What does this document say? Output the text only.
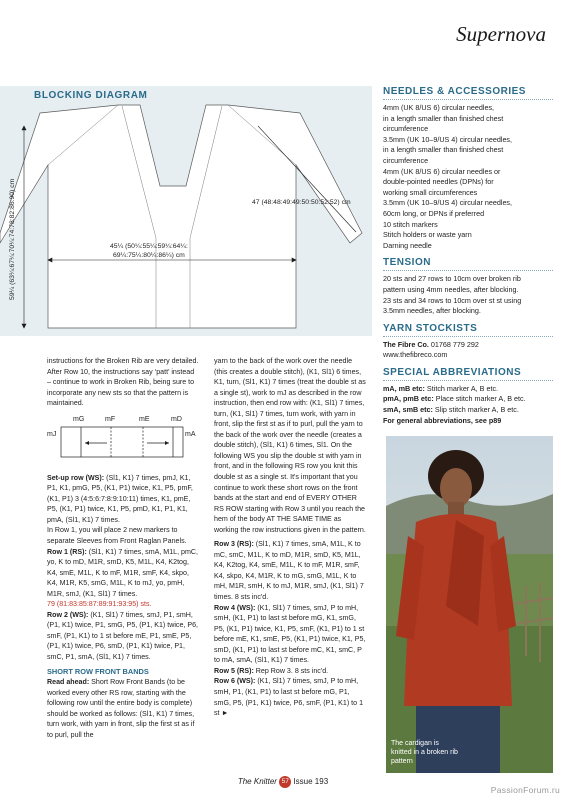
Supernova
BLOCKING DIAGRAM
45¼ (50¼:55¼:59¼:64¼:
69¼:75¼:80¼:86¼) cm
47 (48:48:49:49:50:50:52:52) cm
59¼ (63¼:67¼:70¼:74:78:82:86:90) cm
NEEDLES & ACCESSORIES
4mm (UK 8/US 6) circular needles,
in a length smaller than finished chest
circumference
3.5mm (UK 10–9/US 4) circular needles,
in a length smaller than finished chest
circumference
4mm (UK 8/US 6) circular needles or
double-pointed needles (DPNs) for
working small circumferences
3.5mm (UK 10–9/US 4) circular needles,
60cm long, or DPNs if preferred
10 stitch markers
Stitch holders or waste yarn
Darning needle
TENSION
20 sts and 27 rows to 10cm over broken rib
pattern using 4mm needles, after blocking.
23 sts and 34 rows to 10cm over st st using
3.5mm needles, after blocking.
YARN STOCKISTS
The Fibre Co. 01768 779 292
www.thefibreco.com
SPECIAL ABBREVIATIONS
mA, mB etc: Stitch marker A, B etc.
pmA, pmB etc: Place stitch marker A, B etc.
smA, smB etc: Slip stitch marker A, B etc.
For general abbreviations, see p89
instructions for the Broken Rib are very detailed. After Row 10, the instructions say ‘patt’ instead – continue to work in Broken Rib, being sure to incorporate any new sts so that the pattern is maintained.
mG	mF	mE	mD
mJ	mA
Set-up row (WS): (Sl1, K1) 7 times, pmJ, K1, P1, K1, pmG, P5, (K1, P1) twice, K1, P5, pmF, (K1, P1) 3 (4:5:6:7:8:9:10:11) times, K1, pmE, P5, (K1, P1) twice, K1, P5, pmD, K1, P1, K1, pmA, (Sl1, K1) 7 times.
In Row 1, you will place 2 new markers to separate Sleeves from Front Raglan Panels.
Row 1 (RS): (Sl1, K1) 7 times, smA, M1L, pmC, yo, K to mD, M1R, smD, K5, M1L, K4, K2tog, K4, smE, M1L, K to mF, M1R, smF, K4, skpo, K4, M1R, K5, smG, M1L, K to mJ, yo, pmH, M1R, smJ, (K1, Sl1) 7 times.
79 (81:83:85:87:89:91:93:95) sts.
Row 2 (WS): (K1, Sl1) 7 times, smJ, P1, smH, (P1, K1) twice, P1, smG, P5, (P1, K1) twice, P6, smF, (P1, K1) to 1 st before mE, P1, smE, P5, (P1, K1) twice, P6, smD, (P1, K1) twice, P1, smC, P1, smA, (Sl1, K1) 7 times.
SHORT ROW FRONT BANDS
Read ahead: Short Row Front Bands (to be worked every other RS row, starting with the following row until the entire body is complete) should be worked as follows: (Sl1, K1) 7 times, turn work, with yarn in front, slip the first st as if to purl, pull the
yarn to the back of the work over the needle (this creates a double stitch), (K1, Sl1) 6 times, K1, turn, (Sl1, K1) 7 times (treat the double st as a single st), work to mJ as described in the row instruction, then end row with: (K1, Sl1) 7 times, turn, (K1, Sl1) 7 times, turn work, with yarn in front, slip the first st as if to purl, pull the yarn to the back of the work over the needle (creates a double stitch), (Sl1, K1) 6 times, Sl1. On the following WS you slip the double st with yarn in front, and in the following RS row you knit this double st as a single st. It's important that you continue to work these short rows on the front bands at the start and end of EVERY OTHER RS ROW starting with Row 3 until you reach the hem of the body AT THE SAME TIME as working the row instructions given in the pattern.
Row 3 (RS): (Sl1, K1) 7 times, smA, M1L, K to mC, smC, M1L, K to mD, M1R, smD, K5, M1L, K4, K2tog, K4, smE, M1L, K to mF, M1R, smF, K4, skpo, K4, M1R, K to mG, smG, M1L, K to mH, M1R, smH, K to mJ, M1R, smJ, (K1, Sl1) 7 times. 8 sts inc'd.
Row 4 (WS): (K1, Sl1) 7 times, smJ, P to mH, smH, (K1, P1) to last st before mG, K1, smG, P5, (K1, P1) twice, K1, P5, smF, (K1, P1) to 1 st before mE, K1, smE, P5, (K1, P1) twice, K1, P5, smD, (K1, P1) to last st before mC, K1, smC, P to mA, smA, (Sl1, K1) 7 times.
Row 5 (RS): Rep Row 3. 8 sts inc'd.
Row 6 (WS): (K1, Sl1) 7 times, smJ, P to mH, smH, P1, (K1, P1) to last st before mG, P1, smG, P5, (P1, K1) twice, P6, smF, (P1, K1) to 1 st ►
The cardigan is knitted in a broken rib pattern
The Knitter 57 Issue 193
PassionForum.ru
